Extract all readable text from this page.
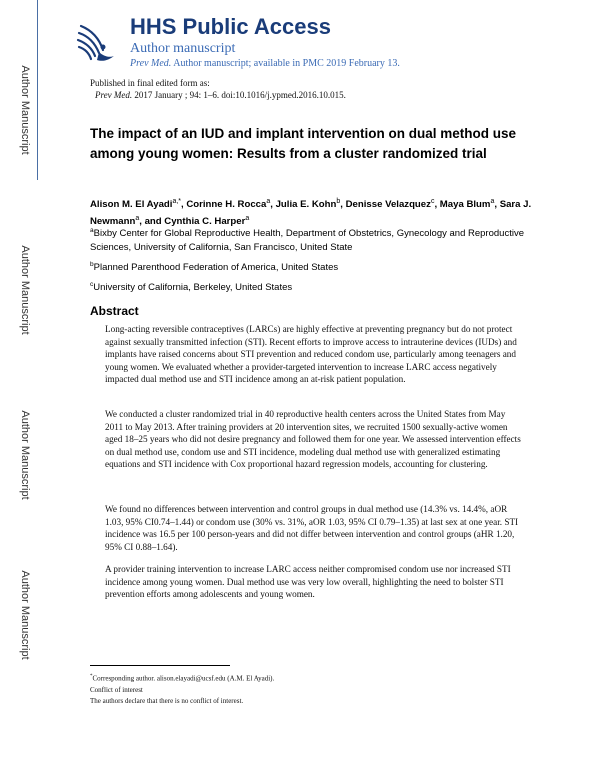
Author Manuscript
Author Manuscript
Author Manuscript
Author Manuscript
HHS Public Access
Author manuscript
Prev Med. Author manuscript; available in PMC 2019 February 13.
Published in final edited form as:
Prev Med. 2017 January ; 94: 1–6. doi:10.1016/j.ypmed.2016.10.015.
The impact of an IUD and implant intervention on dual method use among young women: Results from a cluster randomized trial
Alison M. El Ayadi$^{a,*}$, Corinne H. Rocca$^a$, Julia E. Kohn$^b$, Denisse Velazquez$^c$, Maya Blum$^a$, Sara J. Newmann$^a$, and Cynthia C. Harper$^a$
$^a$Bixby Center for Global Reproductive Health, Department of Obstetrics, Gynecology and Reproductive Sciences, University of California, San Francisco, United State
$^b$Planned Parenthood Federation of America, United States
$^c$University of California, Berkeley, United States
Abstract
Long-acting reversible contraceptives (LARCs) are highly effective at preventing pregnancy but do not protect against sexually transmitted infection (STI). Recent efforts to improve access to intrauterine devices (IUDs) and implants have raised concerns about STI prevention and reduced condom use, particularly among teenagers and young women. We evaluated whether a provider-targeted intervention to increase LARC access negatively impacted dual method use and STI incidence among an at-risk patient population.
We conducted a cluster randomized trial in 40 reproductive health centers across the United States from May 2011 to May 2013. After training providers at 20 intervention sites, we recruited 1500 sexually-active women aged 18–25 years who did not desire pregnancy and followed them for one year. We assessed intervention effects on dual method use, condom use and STI incidence, modeling dual method use with generalized estimating equations and STI incidence with Cox proportional hazard regression models, accounting for clustering.
We found no differences between intervention and control groups in dual method use (14.3% vs. 14.4%, aOR 1.03, 95% CI0.74–1.44) or condom use (30% vs. 31%, aOR 1.03, 95% CI 0.79–1.35) at last sex at one year. STI incidence was 16.5 per 100 person-years and did not differ between intervention and control groups (aHR 1.20, 95% CI 0.88–1.64).
A provider training intervention to increase LARC access neither compromised condom use nor increased STI incidence among young women. Dual method use was very low overall, highlighting the need to bolster STI prevention efforts among adolescents and young women.
*Corresponding author. alison.elayadi@ucsf.edu (A.M. El Ayadi).
Conflict of interest
The authors declare that there is no conflict of interest.
